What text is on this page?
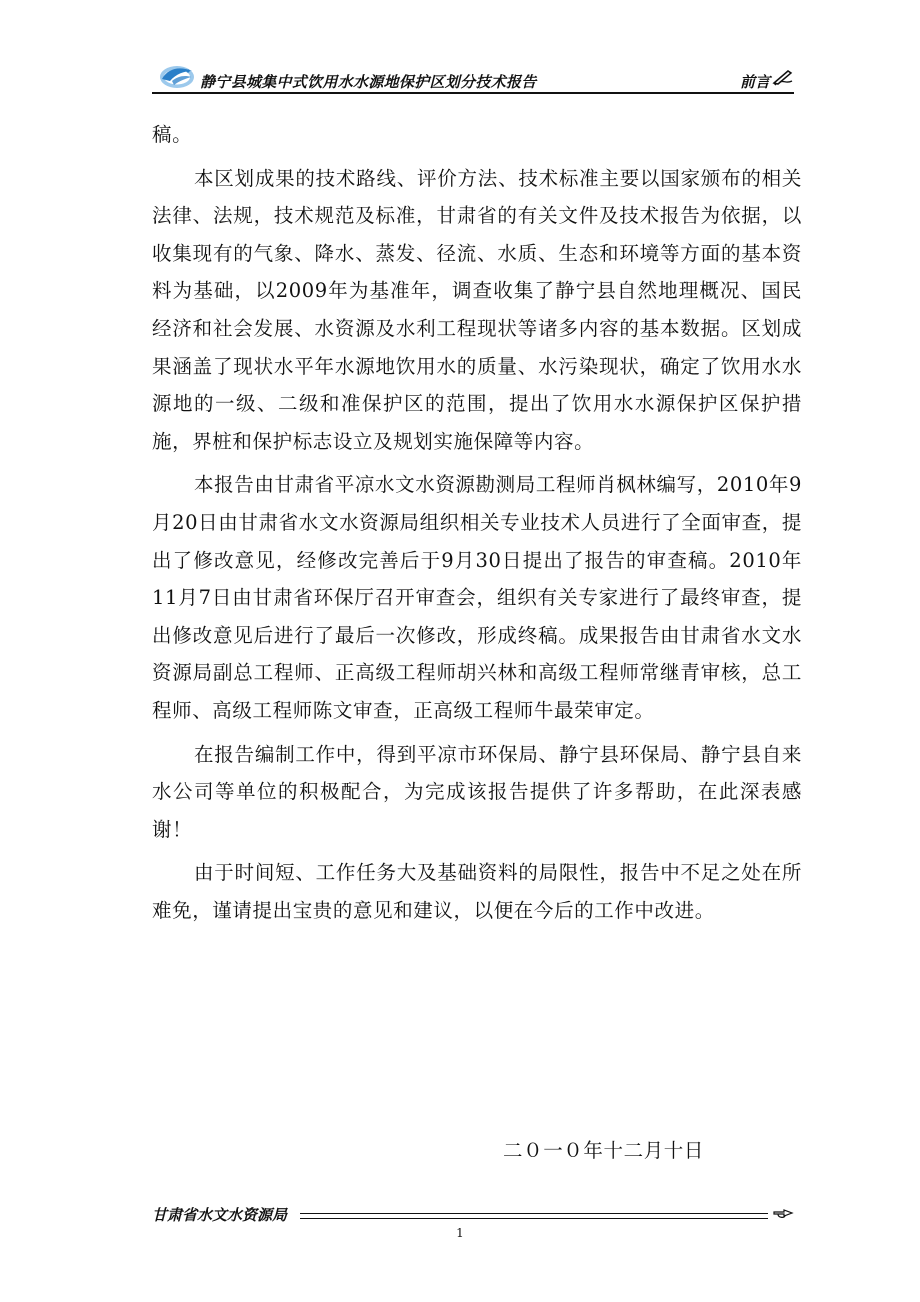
静宁县城集中式饮用水水源地保护区划分技术报告	前言

稿。

本区划成果的技术路线、评价方法、技术标准主要以国家颁布的相关法律、法规，技术规范及标准，甘肃省的有关文件及技术报告为依据，以收集现有的气象、降水、蒸发、径流、水质、生态和环境等方面的基本资料为基础，以2009年为基准年，调查收集了静宁县自然地理概况、国民经济和社会发展、水资源及水利工程现状等诸多内容的基本数据。区划成果涵盖了现状水平年水源地饮用水的质量、水污染现状，确定了饮用水水源地的一级、二级和准保护区的范围，提出了饮用水水源保护区保护措施，界桩和保护标志设立及规划实施保障等内容。

本报告由甘肃省平凉水文水资源勘测局工程师肖枫林编写，2010年9月20日由甘肃省水文水资源局组织相关专业技术人员进行了全面审查，提出了修改意见，经修改完善后于9月30日提出了报告的审查稿。2010年11月7日由甘肃省环保厅召开审查会，组织有关专家进行了最终审查，提出修改意见后进行了最后一次修改，形成终稿。成果报告由甘肃省水文水资源局副总工程师、正高级工程师胡兴林和高级工程师常继青审核，总工程师、高级工程师陈文审查，正高级工程师牛最荣审定。

在报告编制工作中，得到平凉市环保局、静宁县环保局、静宁县自来水公司等单位的积极配合，为完成该报告提供了许多帮助，在此深表感谢！

由于时间短、工作任务大及基础资料的局限性，报告中不足之处在所难免，谨请提出宝贵的意见和建议，以便在今后的工作中改进。

二０一０年十二月十日
甘肃省水文水资源局
1
